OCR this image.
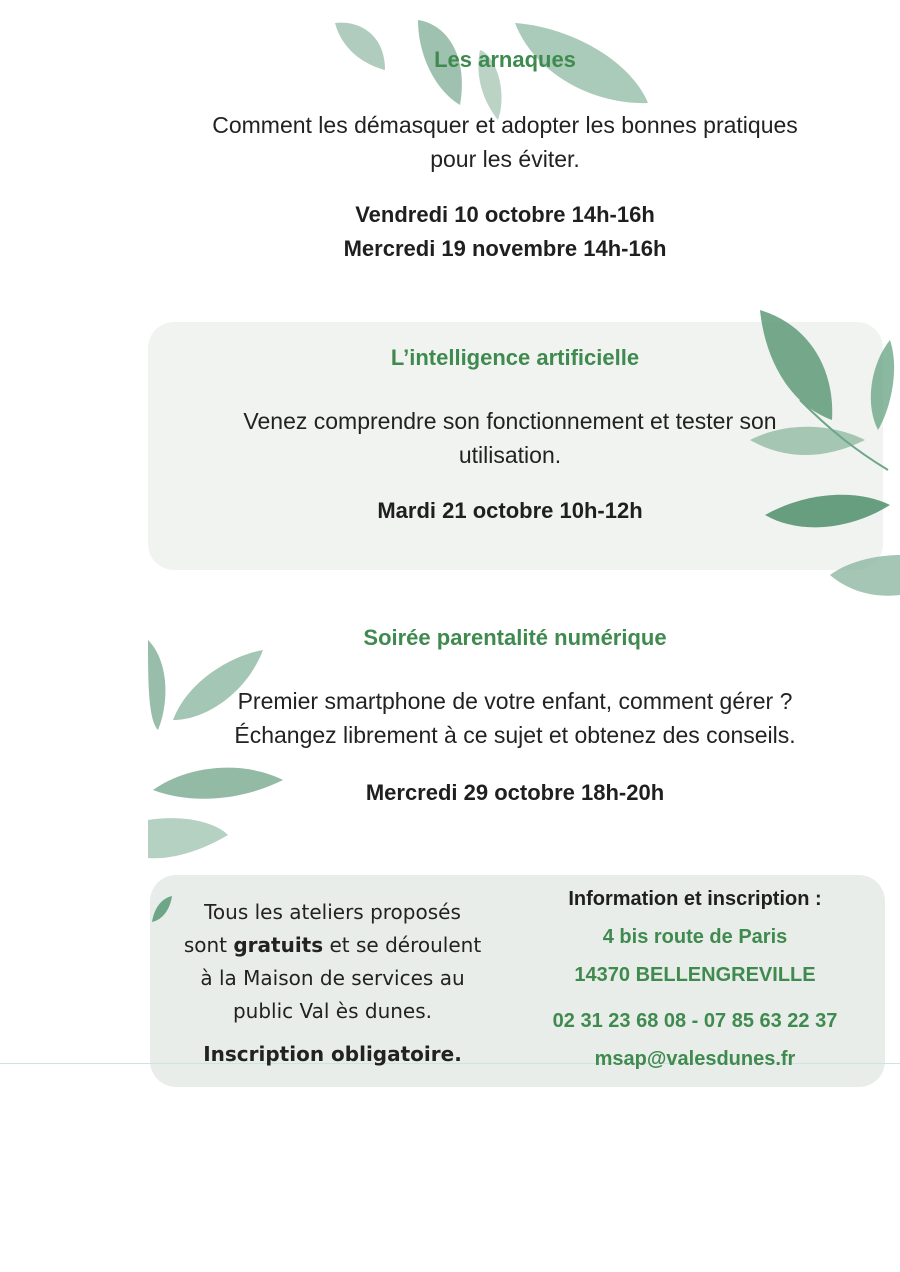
Les arnaques
Comment les démasquer et adopter les bonnes pratiques
pour les éviter.
Vendredi 10 octobre 14h-16h
Mercredi 19 novembre 14h-16h
L’intelligence artificielle
Venez comprendre son fonctionnement et tester son
utilisation.
Mardi 21 octobre 10h-12h
Soirée parentalité numérique
Premier smartphone de votre enfant, comment gérer ?
Échangez librement à ce sujet et obtenez des conseils.
Mercredi 29 octobre 18h-20h
Tous les ateliers proposés
sont gratuits et se déroulent
à la Maison de services au
public Val ès dunes.
Inscription obligatoire.
Information et inscription :
4 bis route de Paris
14370 BELLENGREVILLE
02 31 23 68 08 - 07 85 63 22 37
msap@valesdunes.fr
